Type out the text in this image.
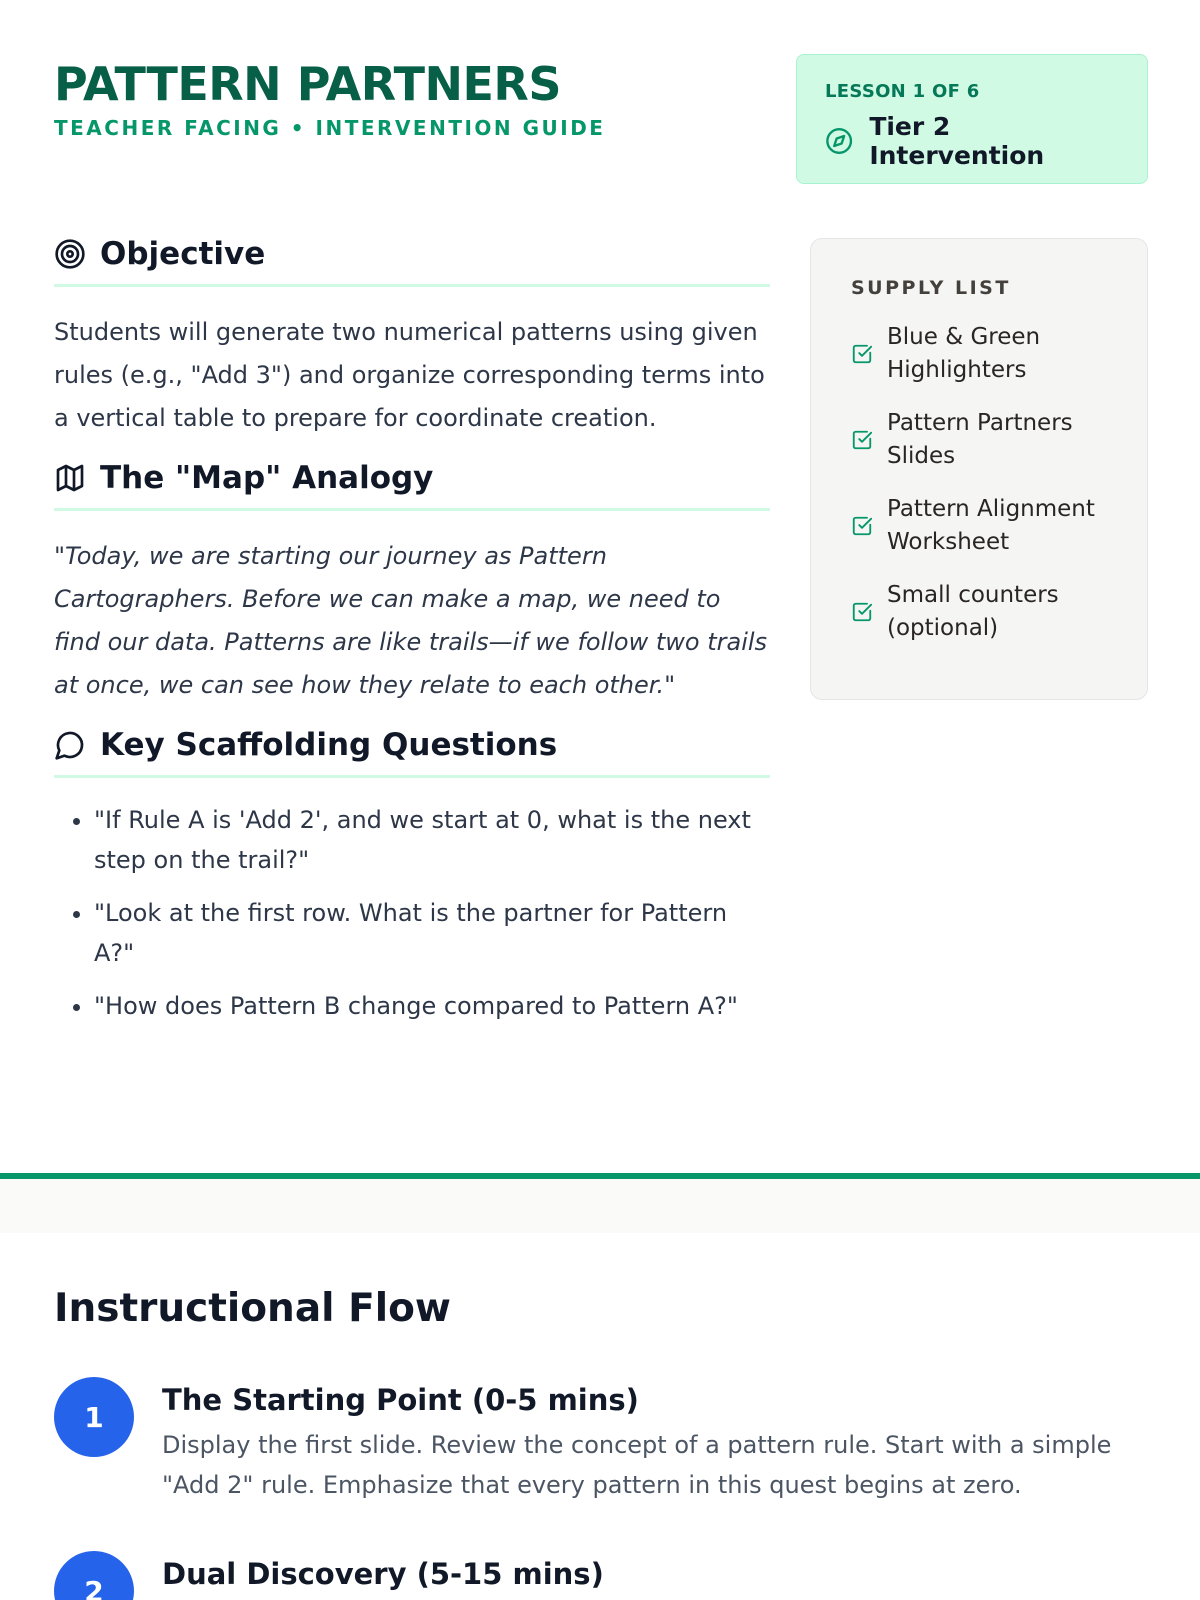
PATTERN PARTNERS
TEACHER FACING • INTERVENTION GUIDE
LESSON 1 OF 6
Tier 2 Intervention
Objective

Students will generate two numerical patterns using given rules (e.g., "Add 3") and organize corresponding terms into a vertical table to prepare for coordinate creation.

The "Map" Analogy

"Today, we are starting our journey as Pattern Cartographers. Before we can make a map, we need to find our data. Patterns are like trails—if we follow two trails at once, we can see how they relate to each other."

Key Scaffolding Questions
• "If Rule A is 'Add 2', and we start at 0, what is the next step on the trail?"
• "Look at the first row. What is the partner for Pattern A?"
• "How does Pattern B change compared to Pattern A?"
SUPPLY LIST
Blue & Green Highlighters
Pattern Partners Slides
Pattern Alignment Worksheet
Small counters (optional)
Instructional Flow
1	The Starting Point (0-5 mins)
Display the first slide. Review the concept of a pattern rule. Start with a simple "Add 2" rule. Emphasize that every pattern in this quest begins at zero.
2	Dual Discovery (5-15 mins)
